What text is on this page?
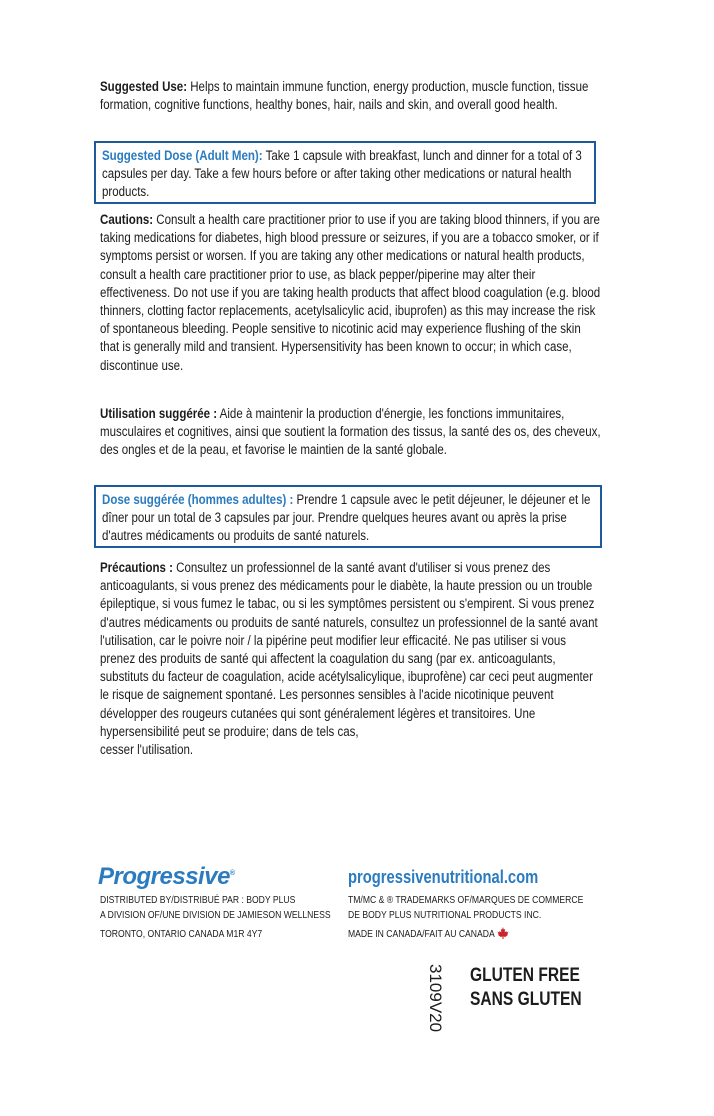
Suggested Use: Helps to maintain immune function, energy production, muscle function, tissue formation, cognitive functions, healthy bones, hair, nails and skin, and overall good health.
Suggested Dose (Adult Men): Take 1 capsule with breakfast, lunch and dinner for a total of 3 capsules per day. Take a few hours before or after taking other medications or natural health products.
Cautions: Consult a health care practitioner prior to use if you are taking blood thinners, if you are taking medications for diabetes, high blood pressure or seizures, if you are a tobacco smoker, or if symptoms persist or worsen. If you are taking any other medications or natural health products, consult a health care practitioner prior to use, as black pepper/piperine may alter their effectiveness. Do not use if you are taking health products that affect blood coagulation (e.g. blood thinners, clotting factor replacements, acetylsalicylic acid, ibuprofen) as this may increase the risk of spontaneous bleeding. People sensitive to nicotinic acid may experience flushing of the skin that is generally mild and transient. Hypersensitivity has been known to occur; in which case, discontinue use.
Utilisation suggérée : Aide à maintenir la production d'énergie, les fonctions immunitaires, musculaires et cognitives, ainsi que soutient la formation des tissus, la santé des os, des cheveux, des ongles et de la peau, et favorise le maintien de la santé globale.
Dose suggérée (hommes adultes) : Prendre 1 capsule avec le petit déjeuner, le déjeuner et le dîner pour un total de 3 capsules par jour. Prendre quelques heures avant ou après la prise d'autres médicaments ou produits de santé naturels.
Précautions : Consultez un professionnel de la santé avant d'utiliser si vous prenez des anticoagulants, si vous prenez des médicaments pour le diabète, la haute pression ou un trouble épileptique, si vous fumez le tabac, ou si les symptômes persistent ou s'empirent. Si vous prenez d'autres médicaments ou produits de santé naturels, consultez un professionnel de la santé avant l'utilisation, car le poivre noir / la pipérine peut modifier leur efficacité. Ne pas utiliser si vous prenez des produits de santé qui affectent la coagulation du sang (par ex. anticoagulants, substituts du facteur de coagulation, acide acétylsalicylique, ibuprofène) car ceci peut augmenter le risque de saignement spontané. Les personnes sensibles à l'acide nicotinique peuvent développer des rougeurs cutanées qui sont généralement légères et transitoires. Une hypersensibilité peut se produire; dans de tels cas,
cesser l'utilisation.
Progressive®
DISTRIBUTED BY/DISTRIBUÉ PAR : BODY PLUS
A DIVISION OF/UNE DIVISION DE JAMIESON WELLNESS
TORONTO, ONTARIO CANADA M1R 4Y7
progressivenutritional.com
TM/MC & ® TRADEMARKS OF/MARQUES DE COMMERCE
DE BODY PLUS NUTRITIONAL PRODUCTS INC.
MADE IN CANADA/FAIT AU CANADA
3109V20 GLUTEN FREE
SANS GLUTEN
